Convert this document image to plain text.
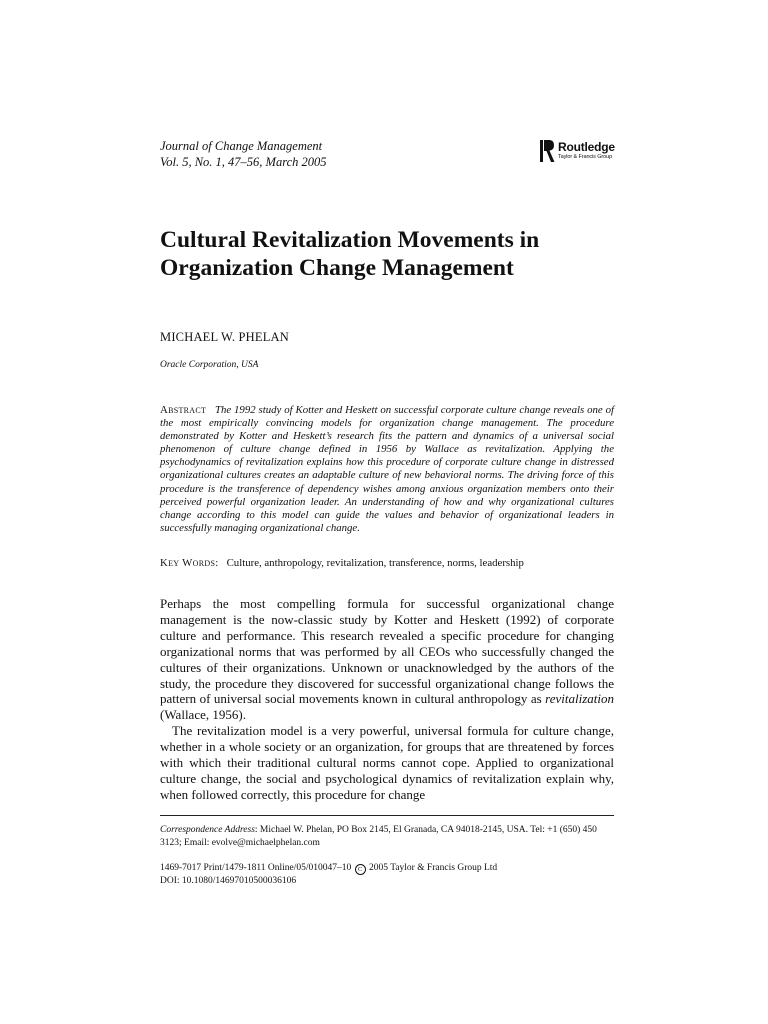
Journal of Change Management
Vol. 5, No. 1, 47–56, March 2005
Routledge
Taylor & Francis Group
Cultural Revitalization Movements in
Organization Change Management
MICHAEL W. PHELAN
Oracle Corporation, USA

Abstract The 1992 study of Kotter and Heskett on successful corporate culture change reveals one of the most empirically convincing models for organization change management. The procedure demonstrated by Kotter and Heskett’s research fits the pattern and dynamics of a universal social phenomenon of culture change defined in 1956 by Wallace as revitalization. Applying the psychodynamics of revitalization explains how this procedure of corporate culture change in distressed organizational cultures creates an adaptable culture of new behavioral norms. The driving force of this procedure is the transference of dependency wishes among anxious organization members onto their perceived powerful organization leader. An understanding of how and why organizational cultures change according to this model can guide the values and behavior of organizational leaders in successfully managing organizational change.

Key Words: Culture, anthropology, revitalization, transference, norms, leadership

Perhaps the most compelling formula for successful organizational change management is the now-classic study by Kotter and Heskett (1992) of corporate culture and performance. This research revealed a specific procedure for changing organizational norms that was performed by all CEOs who successfully changed the cultures of their organizations. Unknown or unacknowledged by the authors of the study, the procedure they discovered for successful organizational change follows the pattern of universal social movements known in cultural anthropology as revitalization (Wallace, 1956).

The revitalization model is a very powerful, universal formula for culture change, whether in a whole society or an organization, for groups that are threatened by forces with which their traditional cultural norms cannot cope. Applied to organizational culture change, the social and psychological dynamics of revitalization explain why, when followed correctly, this procedure for change

Correspondence Address: Michael W. Phelan, PO Box 2145, El Granada, CA 94018-2145, USA. Tel: +1 (650) 450 3123; Email: evolve@michaelphelan.com
1469-7017 Print/1479-1811 Online/05/010047–10 C 2005 Taylor & Francis Group Ltd
DOI: 10.1080/14697010500036106
